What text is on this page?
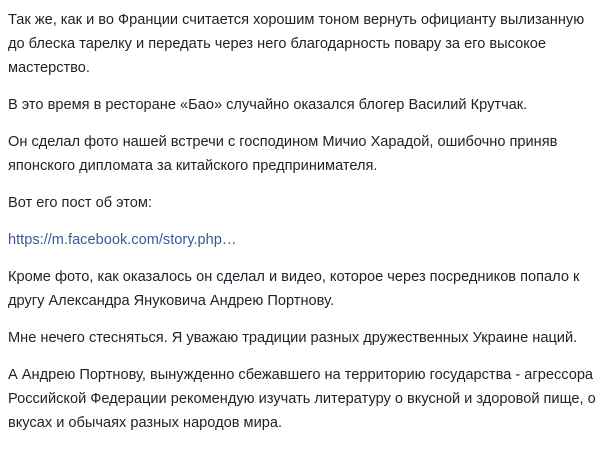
Так же, как и во Франции считается хорошим тоном вернуть официанту вылизанную до блеска тарелку и передать через него благодарность повару за его высокое мастерство.

В это время в ресторане «Бао» случайно оказался блогер Василий Крутчак.

Он сделал фото нашей встречи с господином Мичио Харадой, ошибочно приняв японского дипломата за китайского предпринимателя.

Вот его пост об этом:

https://m.facebook.com/story.php…

Кроме фото, как оказалось он сделал и видео, которое через посредников попало к другу Александра Януковича Андрею Портнову.

Мне нечего стесняться. Я уважаю традиции разных дружественных Украине наций.

А Андрею Портнову, вынужденно сбежавшего на территорию государства - агрессора Российской Федерации рекомендую изучать литературу о вкусной и здоровой пище, о вкусах и обычаях разных народов мира.
